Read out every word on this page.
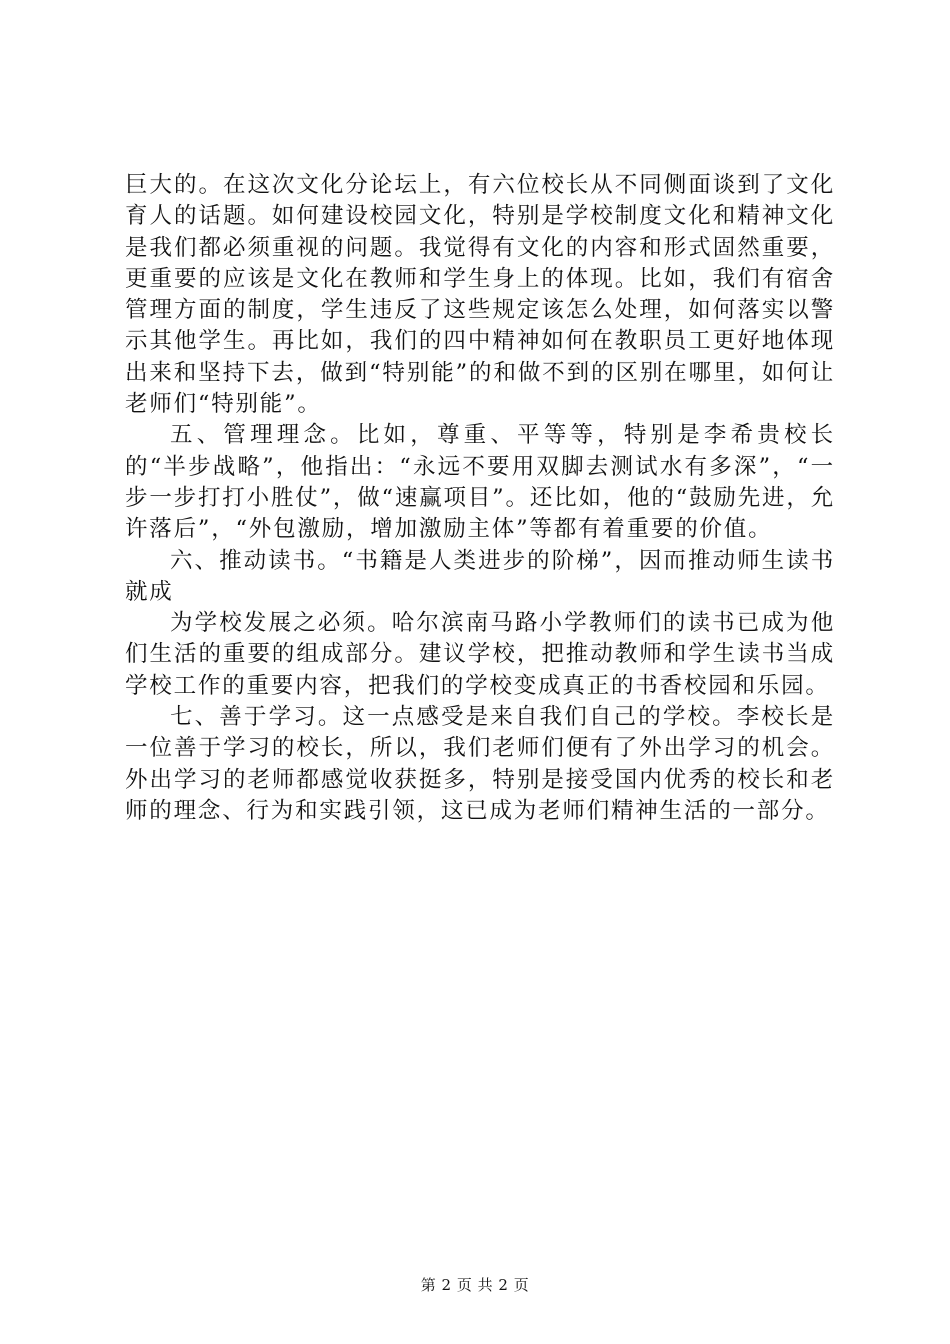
巨大的。在这次文化分论坛上，有六位校长从不同侧面谈到了文化育人的话题。如何建设校园文化，特别是学校制度文化和精神文化是我们都必须重视的问题。我觉得有文化的内容和形式固然重要，更重要的应该是文化在教师和学生身上的体现。比如，我们有宿舍管理方面的制度，学生违反了这些规定该怎么处理，如何落实以警示其他学生。再比如，我们的四中精神如何在教职员工更好地体现出来和坚持下去，做到“特别能”的和做不到的区别在哪里，如何让老师们“特别能”。

五、管理理念。比如，尊重、平等等，特别是李希贵校长的“半步战略”，他指出：“永远不要用双脚去测试水有多深”，“一步一步打打小胜仗”，做“速赢项目”。还比如，他的“鼓励先进，允许落后”，“外包激励，增加激励主体”等都有着重要的价值。

六、推动读书。“书籍是人类进步的阶梯”，因而推动师生读书就成

为学校发展之必须。哈尔滨南马路小学教师们的读书已成为他们生活的重要的组成部分。建议学校，把推动教师和学生读书当成学校工作的重要内容，把我们的学校变成真正的书香校园和乐园。

七、善于学习。这一点感受是来自我们自己的学校。李校长是一位善于学习的校长，所以，我们老师们便有了外出学习的机会。外出学习的老师都感觉收获挺多，特别是接受国内优秀的校长和老师的理念、行为和实践引领，这已成为老师们精神生活的一部分。

第 2 页 共 2 页
